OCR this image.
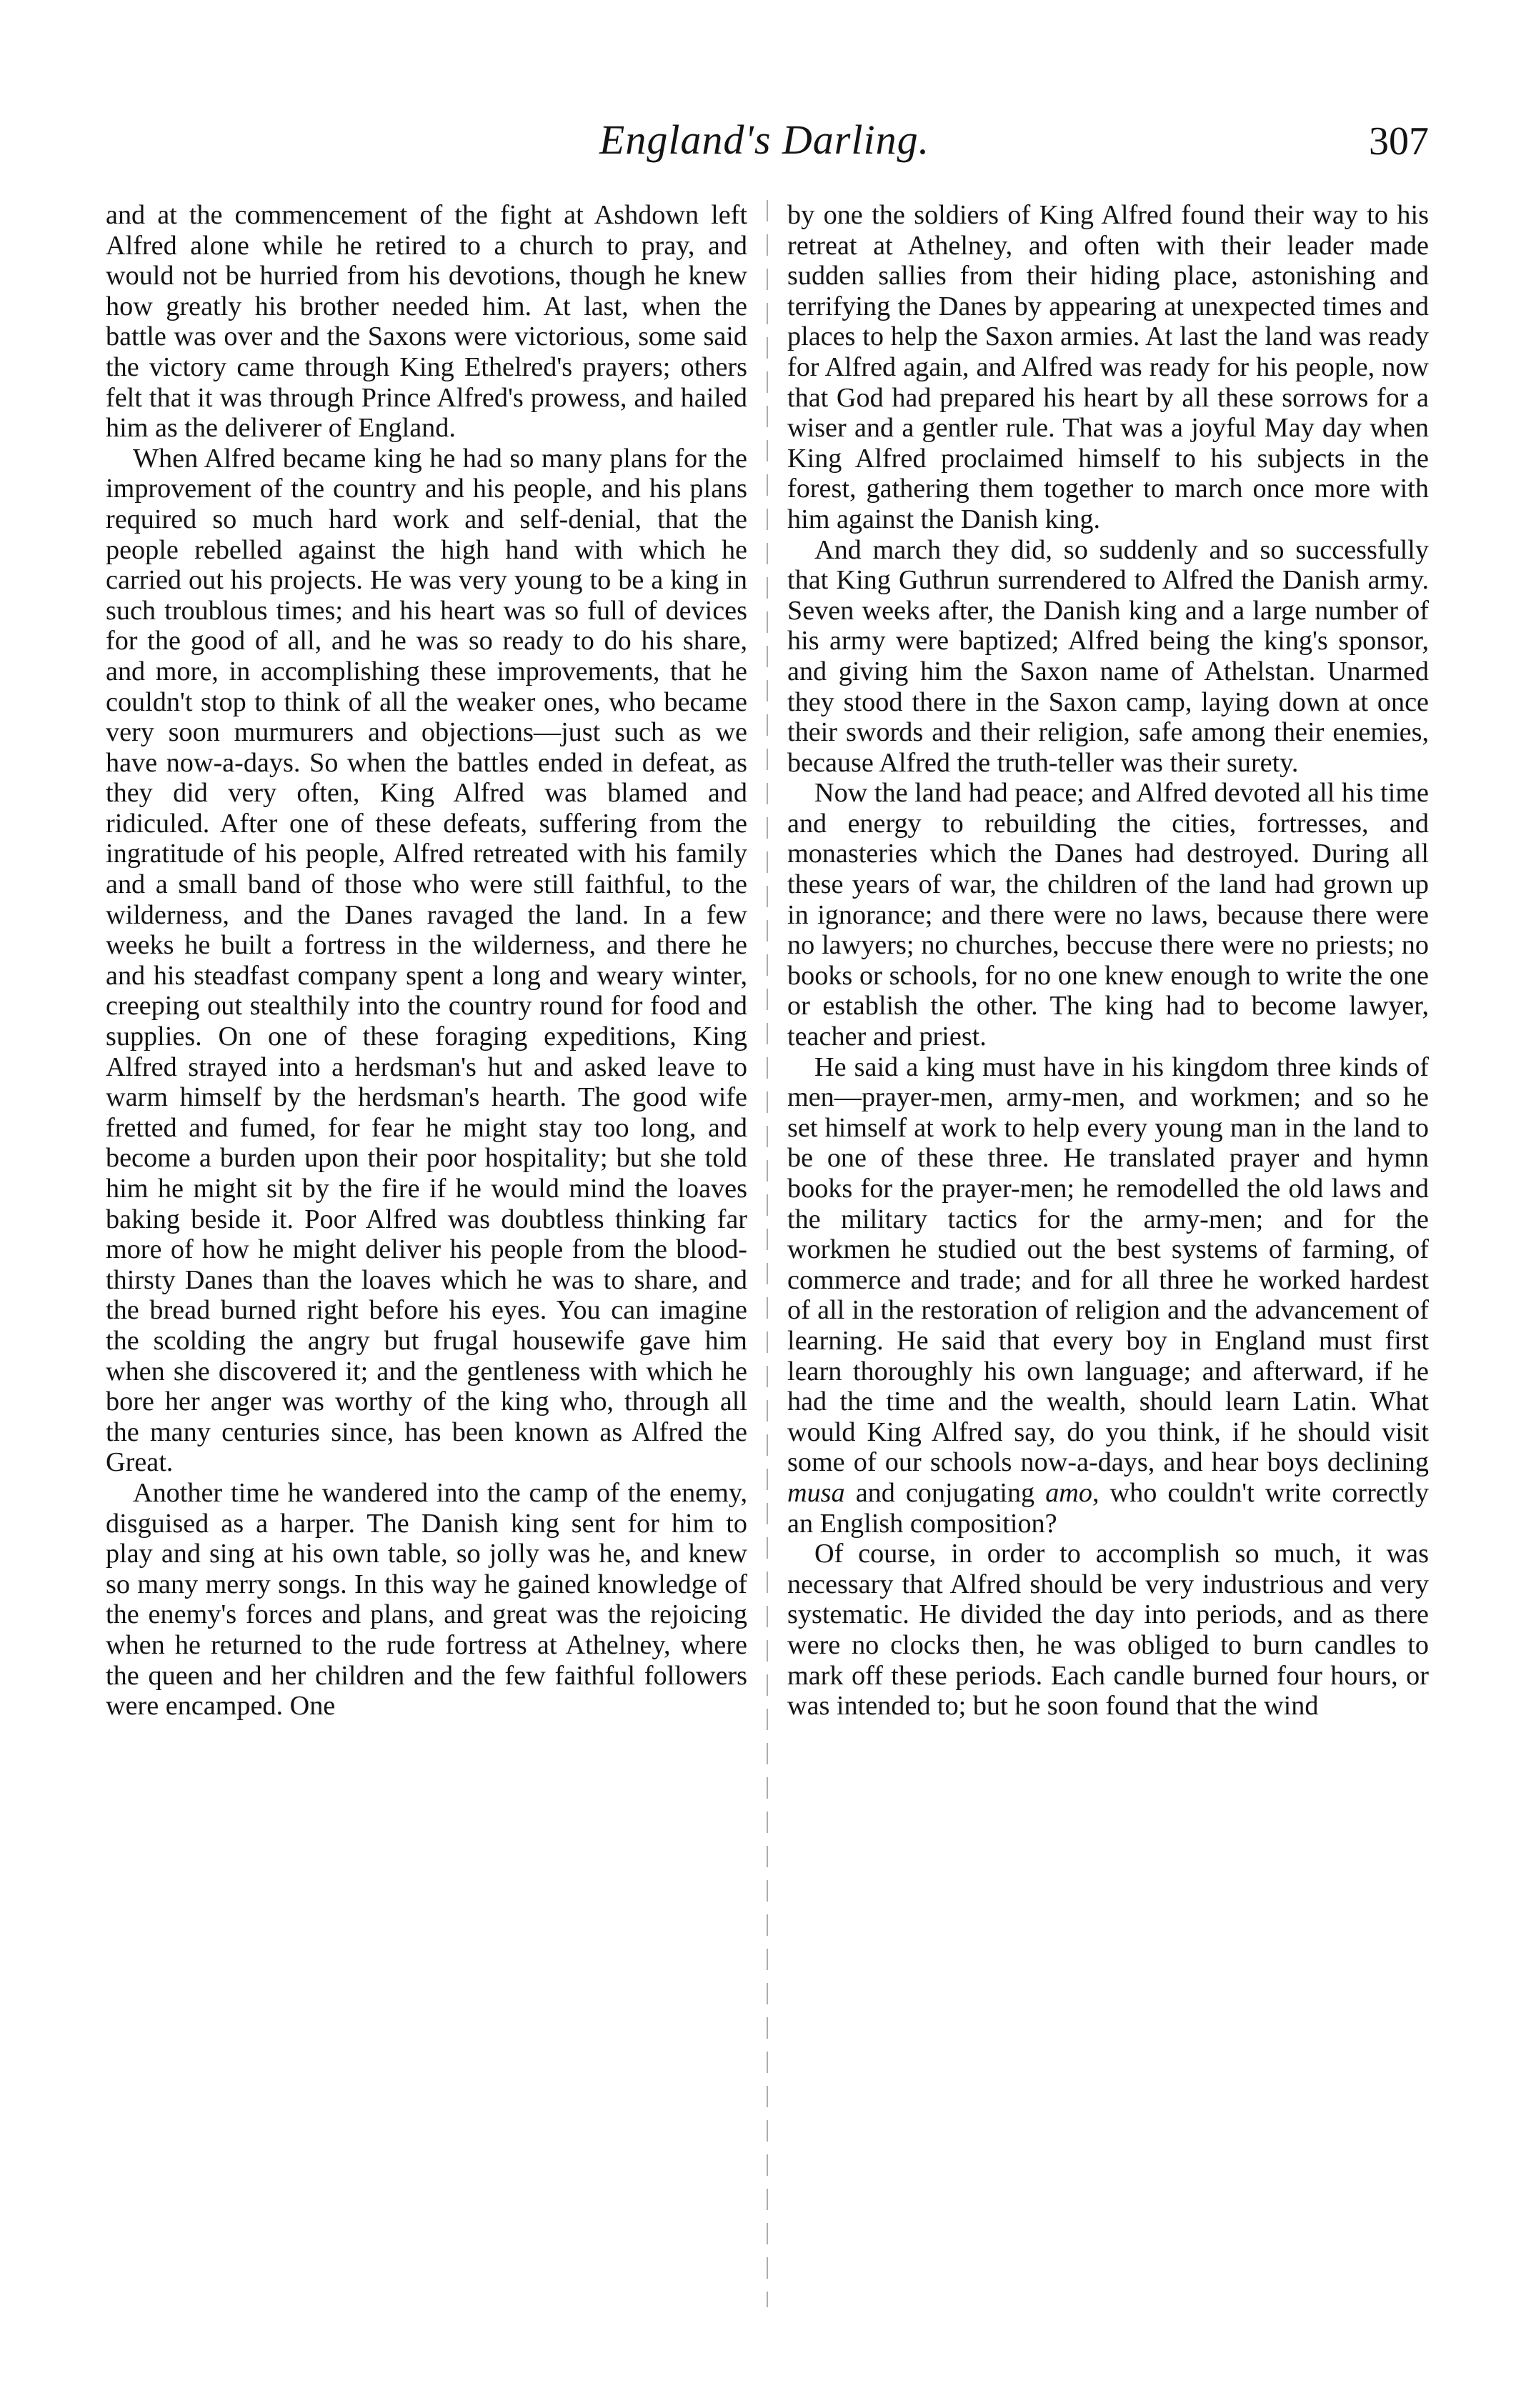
England's Darling.	307

and at the commencement of the fight at Ashdown left Alfred alone while he retired to a church to pray, and would not be hurried from his devotions, though he knew how greatly his brother needed him. At last, when the battle was over and the Saxons were victorious, some said the victory came through King Ethelred's prayers; others felt that it was through Prince Alfred's prowess, and hailed him as the deliverer of England.

When Alfred became king he had so many plans for the improvement of the country and his people, and his plans required so much hard work and self-denial, that the people rebelled against the high hand with which he carried out his projects. He was very young to be a king in such troublous times; and his heart was so full of devices for the good of all, and he was so ready to do his share, and more, in accomplishing these improvements, that he couldn't stop to think of all the weaker ones, who became very soon murmurers and objections—just such as we have now-a-days. So when the battles ended in defeat, as they did very often, King Alfred was blamed and ridiculed. After one of these defeats, suffering from the ingratitude of his people, Alfred retreated with his family and a small band of those who were still faithful, to the wilderness, and the Danes ravaged the land. In a few weeks he built a fortress in the wilderness, and there he and his steadfast company spent a long and weary winter, creeping out stealthily into the country round for food and supplies. On one of these foraging expeditions, King Alfred strayed into a herdsman's hut and asked leave to warm himself by the herdsman's hearth. The good wife fretted and fumed, for fear he might stay too long, and become a burden upon their poor hospitality; but she told him he might sit by the fire if he would mind the loaves baking beside it. Poor Alfred was doubtless thinking far more of how he might deliver his people from the blood-thirsty Danes than the loaves which he was to share, and the bread burned right before his eyes. You can imagine the scolding the angry but frugal housewife gave him when she discovered it; and the gentleness with which he bore her anger was worthy of the king who, through all the many centuries since, has been known as Alfred the Great.

Another time he wandered into the camp of the enemy, disguised as a harper. The Danish king sent for him to play and sing at his own table, so jolly was he, and knew so many merry songs. In this way he gained knowledge of the enemy's forces and plans, and great was the rejoicing when he returned to the rude fortress at Athelney, where the queen and her children and the few faithful followers were encamped. One

by one the soldiers of King Alfred found their way to his retreat at Athelney, and often with their leader made sudden sallies from their hiding place, astonishing and terrifying the Danes by appearing at unexpected times and places to help the Saxon armies. At last the land was ready for Alfred again, and Alfred was ready for his people, now that God had prepared his heart by all these sorrows for a wiser and a gentler rule. That was a joyful May day when King Alfred proclaimed himself to his subjects in the forest, gathering them together to march once more with him against the Danish king.

And march they did, so suddenly and so successfully that King Guthrun surrendered to Alfred the Danish army. Seven weeks after, the Danish king and a large number of his army were baptized; Alfred being the king's sponsor, and giving him the Saxon name of Athelstan. Unarmed they stood there in the Saxon camp, laying down at once their swords and their religion, safe among their enemies, because Alfred the truth-teller was their surety.

Now the land had peace; and Alfred devoted all his time and energy to rebuilding the cities, fortresses, and monasteries which the Danes had destroyed. During all these years of war, the children of the land had grown up in ignorance; and there were no laws, because there were no lawyers; no churches, beccuse there were no priests; no books or schools, for no one knew enough to write the one or establish the other. The king had to become lawyer, teacher and priest.

He said a king must have in his kingdom three kinds of men—prayer-men, army-men, and workmen; and so he set himself at work to help every young man in the land to be one of these three. He translated prayer and hymn books for the prayer-men; he remodelled the old laws and the military tactics for the army-men; and for the workmen he studied out the best systems of farming, of commerce and trade; and for all three he worked hardest of all in the restoration of religion and the advancement of learning. He said that every boy in England must first learn thoroughly his own language; and afterward, if he had the time and the wealth, should learn Latin. What would King Alfred say, do you think, if he should visit some of our schools now-a-days, and hear boys declining musa and conjugating amo, who couldn't write correctly an English composition?

Of course, in order to accomplish so much, it was necessary that Alfred should be very industrious and very systematic. He divided the day into periods, and as there were no clocks then, he was obliged to burn candles to mark off these periods. Each candle burned four hours, or was intended to; but he soon found that the wind
